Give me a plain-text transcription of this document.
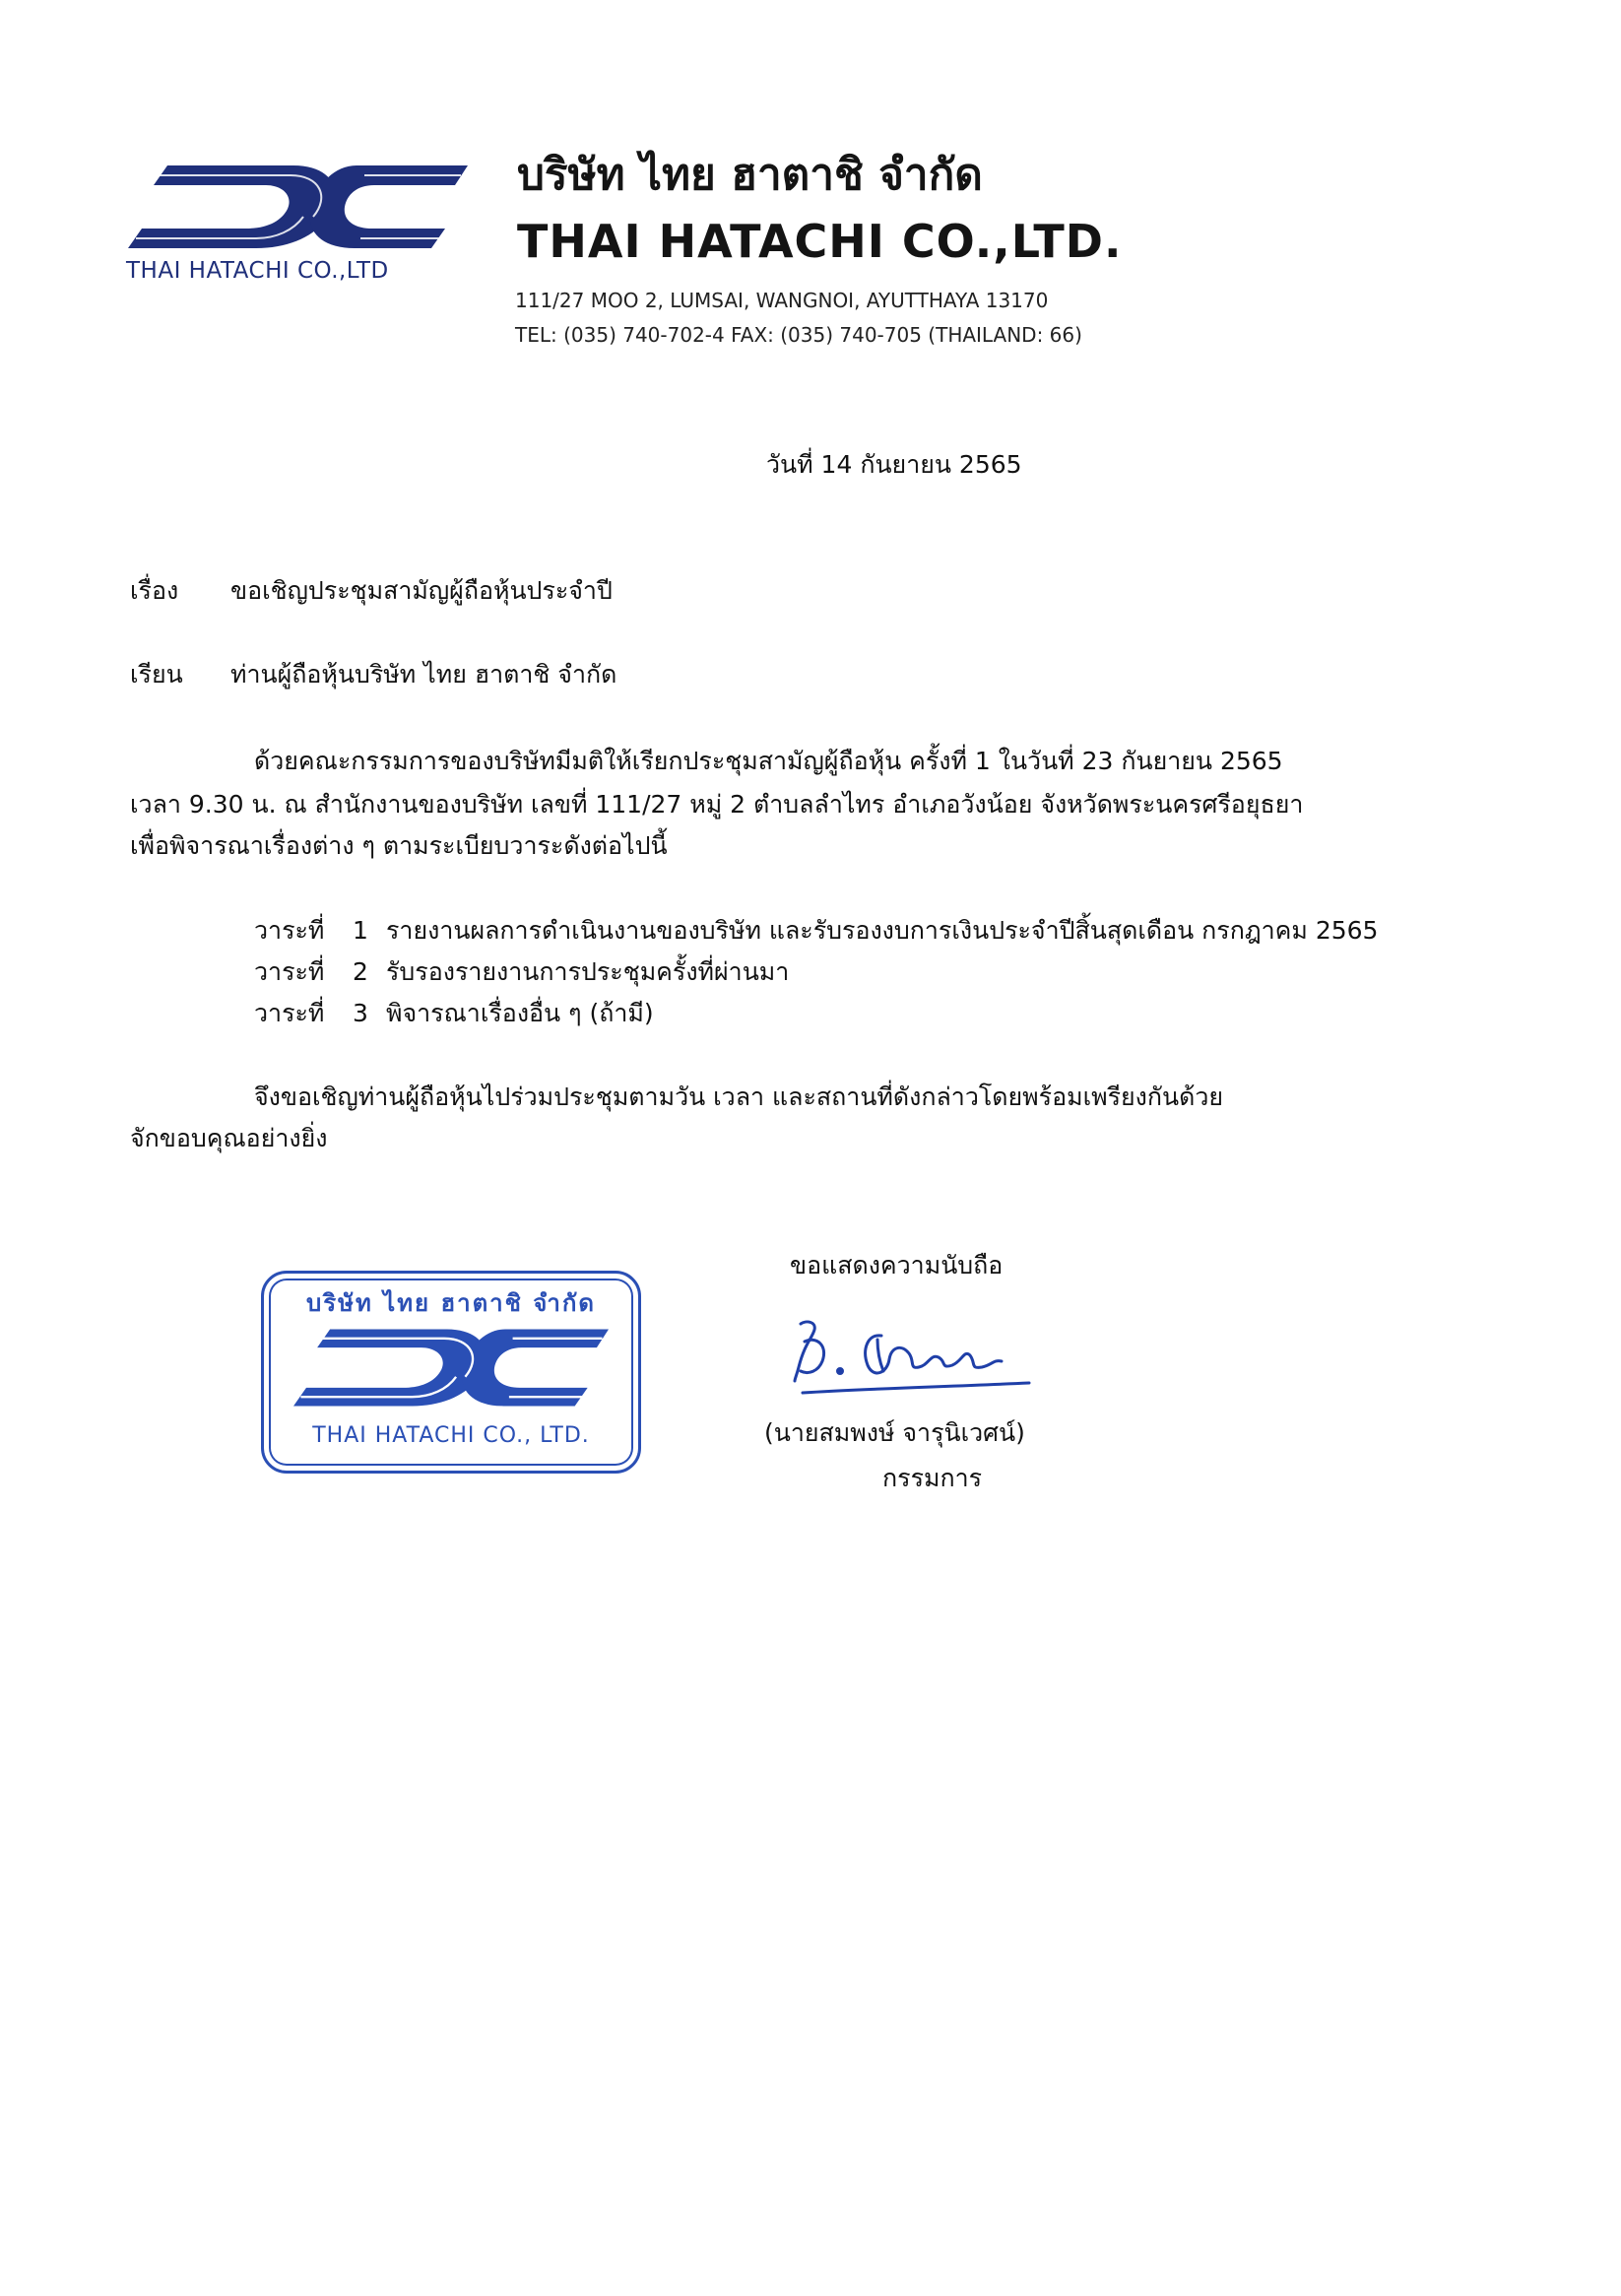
THAI HATACHI CO.,LTD
บริษัท ไทย ฮาตาชิ จำกัด
THAI HATACHI CO.,LTD.
111/27 MOO 2, LUMSAI, WANGNOI, AYUTTHAYA 13170
TEL: (035) 740-702-4 FAX: (035) 740-705 (THAILAND: 66)
วันที่ 14 กันยายน 2565
เรื่อง ขอเชิญประชุมสามัญผู้ถือหุ้นประจำปี
เรียน ท่านผู้ถือหุ้นบริษัท ไทย ฮาตาชิ จำกัด
ด้วยคณะกรรมการของบริษัทมีมติให้เรียกประชุมสามัญผู้ถือหุ้น ครั้งที่ 1 ในวันที่ 23 กันยายน 2565
เวลา 9.30 น. ณ สำนักงานของบริษัท เลขที่ 111/27 หมู่ 2 ตำบลลำไทร อำเภอวังน้อย จังหวัดพระนครศรีอยุธยา
เพื่อพิจารณาเรื่องต่าง ๆ ตามระเบียบวาระดังต่อไปนี้
วาระที่ 1 รายงานผลการดำเนินงานของบริษัท และรับรองงบการเงินประจำปีสิ้นสุดเดือน กรกฎาคม 2565
วาระที่ 2 รับรองรายงานการประชุมครั้งที่ผ่านมา
วาระที่ 3 พิจารณาเรื่องอื่น ๆ (ถ้ามี)
จึงขอเชิญท่านผู้ถือหุ้นไปร่วมประชุมตามวัน เวลา และสถานที่ดังกล่าวโดยพร้อมเพรียงกันด้วย
จักขอบคุณอย่างยิ่ง
ขอแสดงความนับถือ
(นายสมพงษ์ จารุนิเวศน์)
กรรมการ
บริษัท ไทย ฮาตาชิ จำกัด
THAI HATACHI CO., LTD.
